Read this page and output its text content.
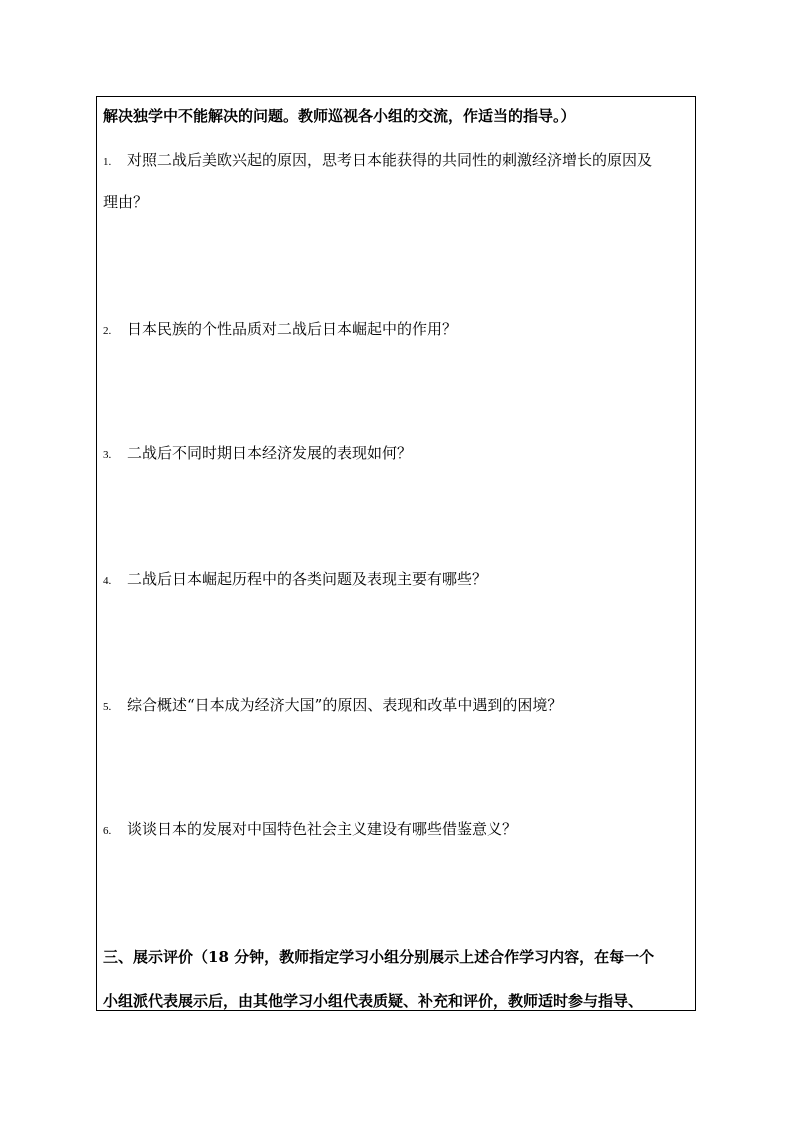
解决独学中不能解决的问题。教师巡视各小组的交流，作适当的指导。）
1. 对照二战后美欧兴起的原因，思考日本能获得的共同性的刺激经济增长的原因及
理由？
2. 日本民族的个性品质对二战后日本崛起中的作用？
3. 二战后不同时期日本经济发展的表现如何？
4. 二战后日本崛起历程中的各类问题及表现主要有哪些？
5. 综合概述“日本成为经济大国”的原因、表现和改革中遇到的困境？
6. 谈谈日本的发展对中国特色社会主义建设有哪些借鉴意义？
三、展示评价（18 分钟，教师指定学习小组分别展示上述合作学习内容，在每一个
小组派代表展示后，由其他学习小组代表质疑、补充和评价，教师适时参与指导、
